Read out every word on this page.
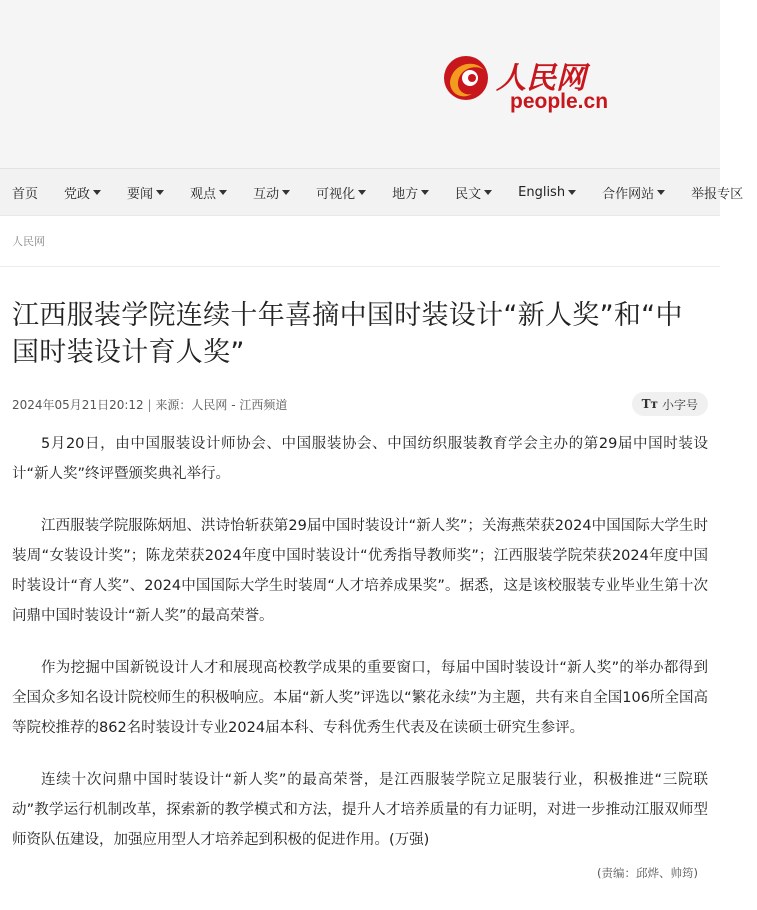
人民网
people.cn
首页 党政	要闻	观点	互动	可视化	地方	民文	English	合作网站	举报专区
人民网
江西服装学院连续十年喜摘中国时装设计“新人奖”和“中国时装设计育人奖”
2024年05月21日20:12 | 来源：人民网 - 江西频道	Tт 小字号

5月20日，由中国服装设计师协会、中国服装协会、中国纺织服装教育学会主办的第29届中国时装设计“新人奖”终评暨颁奖典礼举行。

江西服装学院服陈炳旭、洪诗怡斩获第29届中国时装设计“新人奖”；关海燕荣获2024中国国际大学生时装周“女装设计奖”；陈龙荣获2024年度中国时装设计“优秀指导教师奖”；江西服装学院荣获2024年度中国时装设计“育人奖”、2024中国国际大学生时装周“人才培养成果奖”。据悉，这是该校服装专业毕业生第十次问鼎中国时装设计“新人奖”的最高荣誉。

作为挖掘中国新锐设计人才和展现高校教学成果的重要窗口，每届中国时装设计“新人奖”的举办都得到全国众多知名设计院校师生的积极响应。本届“新人奖”评选以“繁花永续”为主题，共有来自全国106所全国高等院校推荐的862名时装设计专业2024届本科、专科优秀生代表及在读硕士研究生参评。

连续十次问鼎中国时装设计“新人奖”的最高荣誉，是江西服装学院立足服装行业，积极推进“三院联动”教学运行机制改革，探索新的教学模式和方法，提升人才培养质量的有力证明，对进一步推动江服双师型师资队伍建设，加强应用型人才培养起到积极的促进作用。(万强)

(责编：邱烨、帅筠)
